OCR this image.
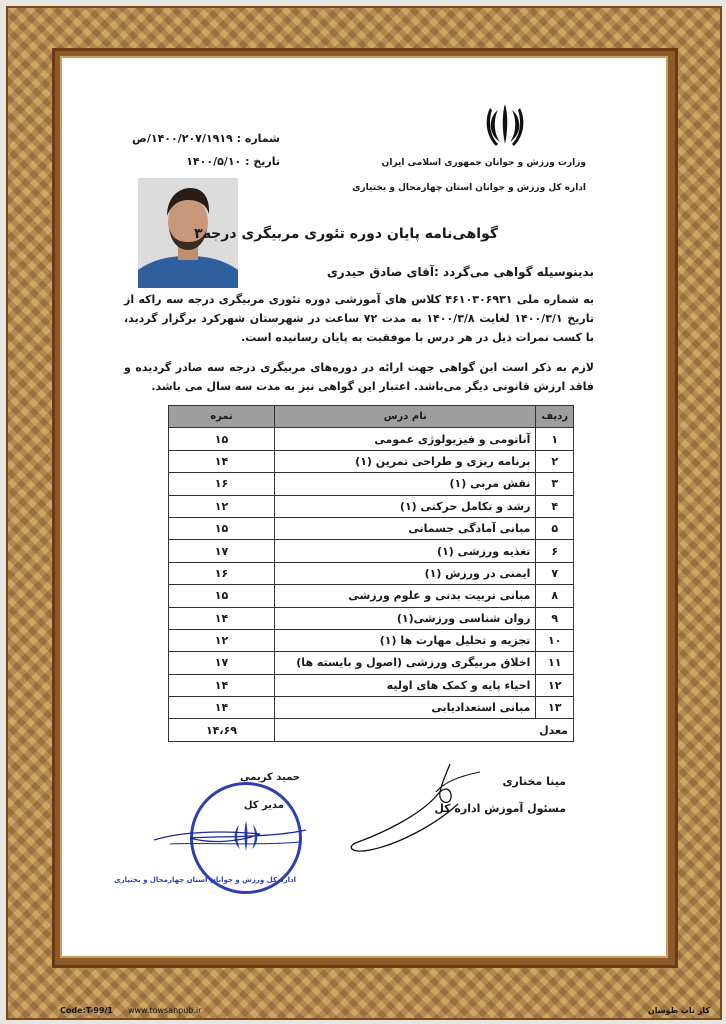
شماره : ۱۴۰۰/۲۰۷/۱۹۱۹/ص
تاریخ : ۱۴۰۰/۵/۱۰	وزارت ورزش و جوانان جمهوری اسلامی ایران
اداره کل ورزش و جوانان استان چهارمحال و بختیاری
گواهی‌نامه پایان دوره تئوری مربیگری درجه۳
بدینوسیله گواهی می‌گردد :آقای صادق حیدری
به شماره ملی ۴۶۱۰۳۰۶۹۳۱ کلاس های آموزشی دوره تئوری مربیگری درجه سه راکه از تاریخ ۱۴۰۰/۳/۱ لغایت ۱۴۰۰/۳/۸ به مدت ۷۲ ساعت در شهرستان شهرکرد برگزار گردید، با کسب نمرات ذیل در هر درس با موفقیت به پایان رسانیده است.
لازم به ذکر است این گواهی جهت ارائه در دوره‌های مربیگری درجه سه صادر گردیده و فاقد ارزش قانونی دیگر می‌باشد. اعتبار این گواهی نیز به مدت سه سال می باشد.
ردیف	نام درس	نمره
۱	آناتومی و فیزیولوژی عمومی	۱۵
۲	برنامه ریزی و طراحی تمرین (۱)	۱۴
۳	نقش مربی (۱)	۱۶
۴	رشد و تکامل حرکتی (۱)	۱۲
۵	مبانی آمادگی جسمانی	۱۵
۶	تغذیه ورزشی (۱)	۱۷
۷	ایمنی در ورزش (۱)	۱۶
۸	مبانی تربیت بدنی و علوم ورزشی	۱۵
۹	روان شناسی ورزشی(۱)	۱۴
۱۰	تجزیه و تحلیل مهارت ها (۱)	۱۲
۱۱	اخلاق مربیگری ورزشی (اصول و بایسته ها)	۱۷
۱۲	احیاء پایه و کمک های اولیه	۱۴
۱۳	مبانی استعدادیابی	۱۴
معدل		۱۴،۶۹
مینا مختاری
مسئول آموزش اداره کل
حمید کریمی
مدیر کل
اداره کل ورزش و جوانان استان چهارمحال و بختیاری
Code:T-99/1 www.towsanpub.ir	کار تاب طوسان
